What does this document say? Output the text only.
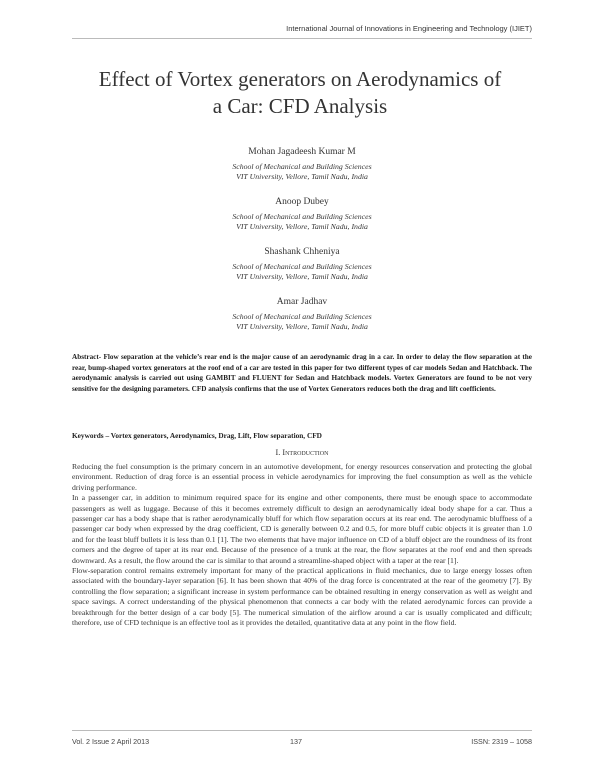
International Journal of Innovations in Engineering and Technology (IJIET)
Effect of Vortex generators on Aerodynamics of
a Car: CFD Analysis
Mohan Jagadeesh Kumar M
School of Mechanical and Building Sciences
VIT University, Vellore, Tamil Nadu, India
Anoop Dubey
School of Mechanical and Building Sciences
VIT University, Vellore, Tamil Nadu, India
Shashank Chheniya
School of Mechanical and Building Sciences
VIT University, Vellore, Tamil Nadu, India
Amar Jadhav
School of Mechanical and Building Sciences
VIT University, Vellore, Tamil Nadu, India
Abstract- Flow separation at the vehicle’s rear end is the major cause of an aerodynamic drag in a car. In order to delay the flow separation at the rear, bump-shaped vortex generators at the roof end of a car are tested in this paper for two different types of car models Sedan and Hatchback. The aerodynamic analysis is carried out using GAMBIT and FLUENT for Sedan and Hatchback models. Vortex Generators are found to be not very sensitive for the designing parameters. CFD analysis confirms that the use of Vortex Generators reduces both the drag and lift coefficients.
Keywords – Vortex generators, Aerodynamics, Drag, Lift, Flow separation, CFD
I. Introduction

Reducing the fuel consumption is the primary concern in an automotive development, for energy resources conservation and protecting the global environment. Reduction of drag force is an essential process in vehicle aerodynamics for improving the fuel consumption as well as the vehicle driving performance.

In a passenger car, in addition to minimum required space for its engine and other components, there must be enough space to accommodate passengers as well as luggage. Because of this it becomes extremely difficult to design an aerodynamically ideal body shape for a car. Thus a passenger car has a body shape that is rather aerodynamically bluff for which flow separation occurs at its rear end. The aerodynamic bluffness of a passenger car body when expressed by the drag coefficient, CD is generally between 0.2 and 0.5, for more bluff cubic objects it is greater than 1.0 and for the least bluff bullets it is less than 0.1 [1]. The two elements that have major influence on CD of a bluff object are the roundness of its front corners and the degree of taper at its rear end. Because of the presence of a trunk at the rear, the flow separates at the roof end and then spreads downward. As a result, the flow around the car is similar to that around a streamline-shaped object with a taper at the rear [1].

Flow-separation control remains extremely important for many of the practical applications in fluid mechanics, due to large energy losses often associated with the boundary-layer separation [6]. It has been shown that 40% of the drag force is concentrated at the rear of the geometry [7]. By controlling the flow separation; a significant increase in system performance can be obtained resulting in energy conservation as well as weight and space savings. A correct understanding of the physical phenomenon that connects a car body with the related aerodynamic forces can provide a breakthrough for the better design of a car body [5]. The numerical simulation of the airflow around a car is usually complicated and difficult; therefore, use of CFD technique is an effective tool as it provides the detailed, quantitative data at any point in the flow field.

Vol. 2 Issue 2 April 2013	137	ISSN: 2319 – 1058
